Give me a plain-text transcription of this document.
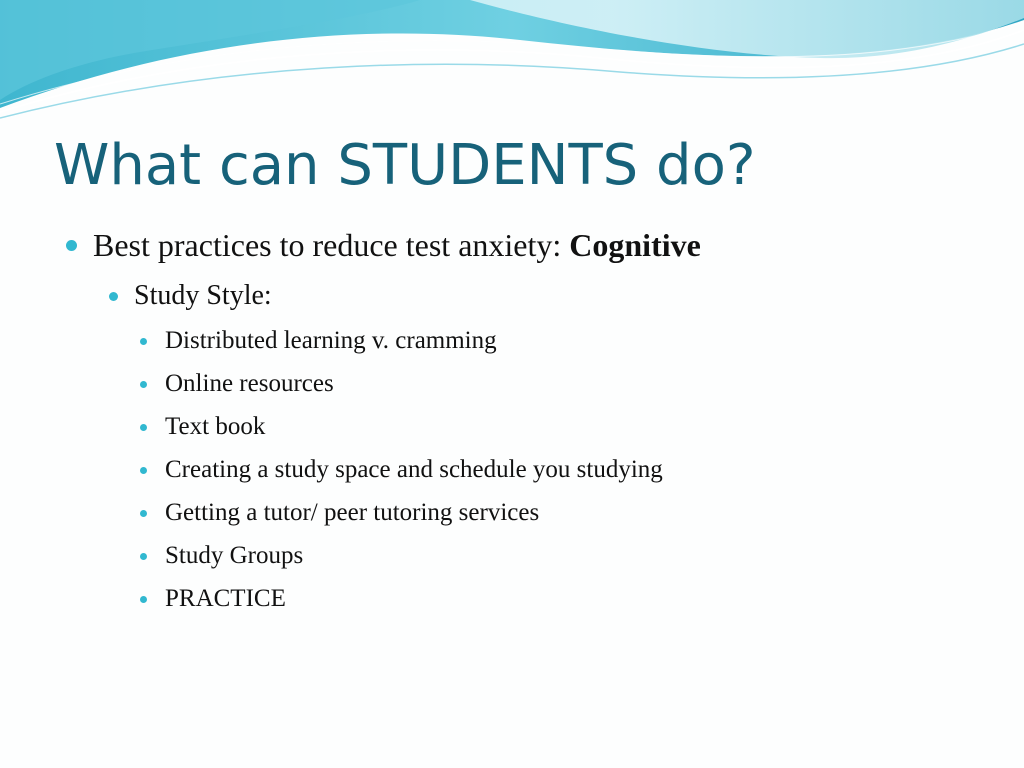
What can STUDENTS do?
Best practices to reduce test anxiety: Cognitive
Study Style:
Distributed learning v. cramming
Online resources
Text book
Creating a study space and schedule you studying
Getting a tutor/ peer tutoring services
Study Groups
PRACTICE
